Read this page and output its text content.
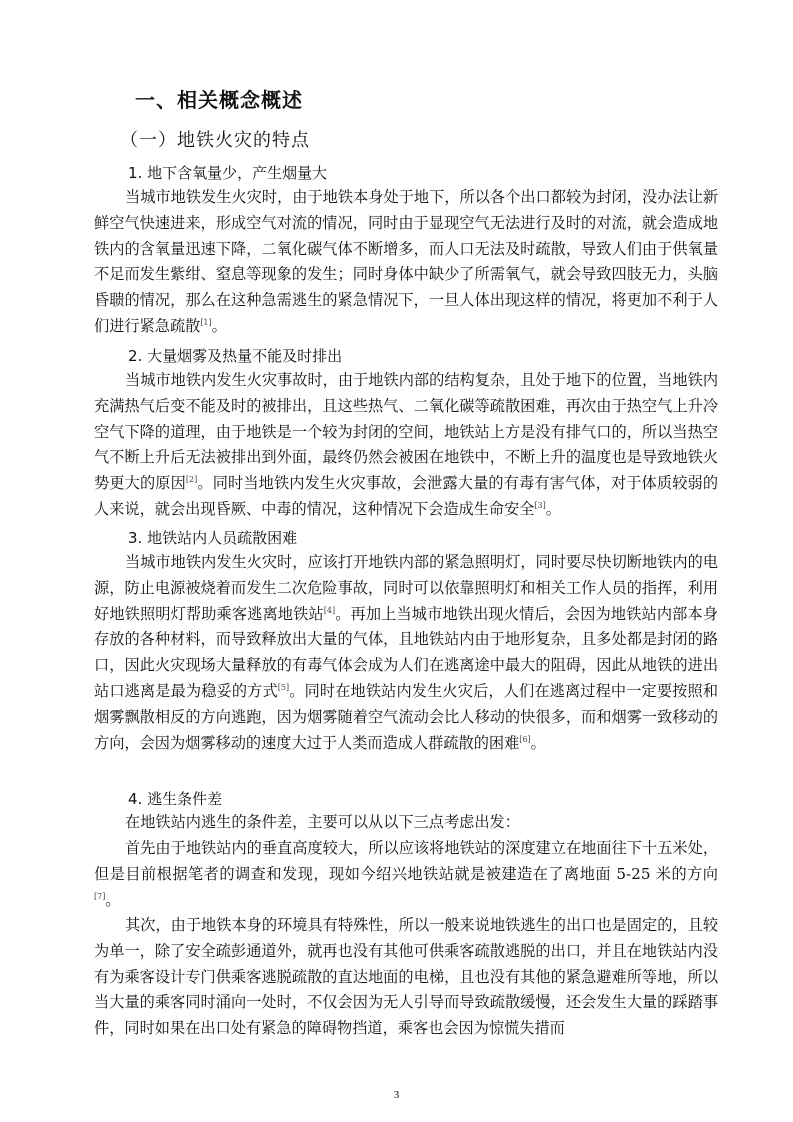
一、相关概念概述
（一）地铁火灾的特点
1. 地下含氧量少，产生烟量大

当城市地铁发生火灾时，由于地铁本身处于地下，所以各个出口都较为封闭，没办法让新鲜空气快速进来，形成空气对流的情况，同时由于显现空气无法进行及时的对流，就会造成地铁内的含氧量迅速下降，二氧化碳气体不断增多，而人口无法及时疏散，导致人们由于供氧量不足而发生紫绀、窒息等现象的发生；同时身体中缺少了所需氧气，就会导致四肢无力，头脑昏聩的情况，那么在这种急需逃生的紧急情况下，一旦人体出现这样的情况，将更加不利于人们进行紧急疏散[1]。

2. 大量烟雾及热量不能及时排出

当城市地铁内发生火灾事故时，由于地铁内部的结构复杂，且处于地下的位置，当地铁内充满热气后变不能及时的被排出，且这些热气、二氧化碳等疏散困难，再次由于热空气上升冷空气下降的道理，由于地铁是一个较为封闭的空间，地铁站上方是没有排气口的，所以当热空气不断上升后无法被排出到外面，最终仍然会被困在地铁中，不断上升的温度也是导致地铁火势更大的原因[2]。同时当地铁内发生火灾事故，会泄露大量的有毒有害气体，对于体质较弱的人来说，就会出现昏厥、中毒的情况，这种情况下会造成生命安全[3]。

3. 地铁站内人员疏散困难

当城市地铁内发生火灾时，应该打开地铁内部的紧急照明灯，同时要尽快切断地铁内的电源，防止电源被烧着而发生二次危险事故，同时可以依靠照明灯和相关工作人员的指挥，利用好地铁照明灯帮助乘客逃离地铁站[4]。再加上当城市地铁出现火情后，会因为地铁站内部本身存放的各种材料，而导致释放出大量的气体，且地铁站内由于地形复杂，且多处都是封闭的路口，因此火灾现场大量释放的有毒气体会成为人们在逃离途中最大的阻碍，因此从地铁的进出站口逃离是最为稳妥的方式[5]。同时在地铁站内发生火灾后，人们在逃离过程中一定要按照和烟雾飘散相反的方向逃跑，因为烟雾随着空气流动会比人移动的快很多，而和烟雾一致移动的方向，会因为烟雾移动的速度大过于人类而造成人群疏散的困难[6]。

4. 逃生条件差

在地铁站内逃生的条件差，主要可以从以下三点考虑出发：

首先由于地铁站内的垂直高度较大，所以应该将地铁站的深度建立在地面往下十五米处，但是目前根据笔者的调查和发现，现如今绍兴地铁站就是被建造在了离地面 5-25 米的方向[7]。

其次，由于地铁本身的环境具有特殊性，所以一般来说地铁逃生的出口也是固定的，且较为单一，除了安全疏彭通道外，就再也没有其他可供乘客疏散逃脱的出口，并且在地铁站内没有为乘客设计专门供乘客逃脱疏散的直达地面的电梯，且也没有其他的紧急避难所等地，所以当大量的乘客同时涌向一处时，不仅会因为无人引导而导致疏散缓慢，还会发生大量的踩踏事件，同时如果在出口处有紧急的障碍物挡道，乘客也会因为惊慌失措而

3
